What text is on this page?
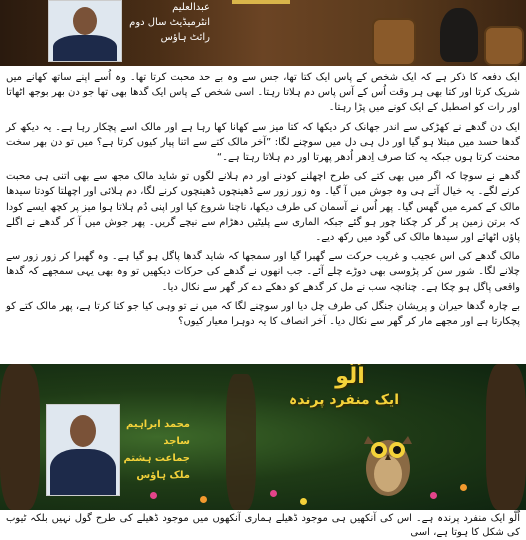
عبدالعلیم
انٹرمیڈیٹ سال دوم
رائٹ ہاؤس

ایک دفعہ کا ذکر ہے کہ ایک شخص کے پاس ایک کتا تھا، جس سے وہ بے حد محبت کرتا تھا۔ وہ اُسے اپنے ساتھ کھانے میں شریک کرتا اور کتا بھی ہر وقت اُس کے آس پاس دم ہلاتا رہتا۔ اسی شخص کے پاس ایک گدھا بھی تھا جو دن بھر بوجھ اٹھاتا اور رات کو اصطبل کے ایک کونے میں پڑا رہتا۔

ایک دن گدھے نے کھڑکی سے اندر جھانک کر دیکھا کہ کتا میز سے کھانا کھا رہا ہے اور مالک اسے پچکار رہا ہے۔ یہ دیکھ کر گدھا حسد میں مبتلا ہو گیا اور دل ہی دل میں سوچنے لگا: ”آخر مالک کتے سے اتنا پیار کیوں کرتا ہے؟ میں تو دن بھر سخت محنت کرتا ہوں جبکہ یہ کتا صرف اِدھر اُدھر پھرتا اور دم ہلاتا رہتا ہے۔“

گدھے نے سوچا کہ اگر میں بھی کتے کی طرح اچھلنے کودنے اور دم ہلانے لگوں تو شاید مالک مجھ سے بھی اتنی ہی محبت کرنے لگے۔ یہ خیال آتے ہی وہ جوش میں آ گیا۔ وہ زور زور سے ڈھینچوں ڈھینچوں کرنے لگا، دم ہلائی اور اچھلتا کودتا سیدھا مالک کے کمرے میں گھس گیا۔ پھر اُس نے آسمان کی طرف دیکھا، ناچنا شروع کیا اور اپنی دُم ہلاتا ہوا میز پر کچھ ایسے کودا کہ برتن زمین پر گر کر چکنا چور ہو گئے جبکہ الماری سے پلیٹیں دھڑام سے نیچے گریں۔ پھر جوش میں آ کر گدھے نے اگلے پاؤں اٹھائے اور سیدھا مالک کی گود میں رکھ دیے۔

مالک گدھے کی اس عجیب و غریب حرکت سے گھبرا گیا اور سمجھا کہ شاید گدھا پاگل ہو گیا ہے۔ وہ گھبرا کر زور زور سے چلانے لگا۔ شور سن کر پڑوسی بھی دوڑے چلے آئے۔ جب انھوں نے گدھے کی حرکات دیکھیں تو وہ بھی یہی سمجھے کہ گدھا واقعی پاگل ہو چکا ہے۔ چنانچہ سب نے مل کر گدھے کو دھکے دے کر گھر سے نکال دیا۔

بے چارہ گدھا حیران و پریشان جنگل کی طرف چل دیا اور سوچنے لگا کہ میں نے تو وہی کیا جو کتا کرتا ہے، پھر مالک کتے کو پچکارتا ہے اور مجھے مار کر گھر سے نکال دیا۔ آخر انصاف کا یہ دوہرا معیار کیوں؟

محمد ابراہیم ساجد
جماعت ہشتم
ملک ہاؤس
اُلّو
ایک منفرد پرندہ

اُلّو ایک منفرد پرندہ ہے۔ اس کی آنکھیں ہی موجود ڈھیلے ہماری آنکھوں میں موجود ڈھیلے کی طرح گول نہیں بلکہ ٹیوب کی شکل کا ہوتا ہے، اسی
